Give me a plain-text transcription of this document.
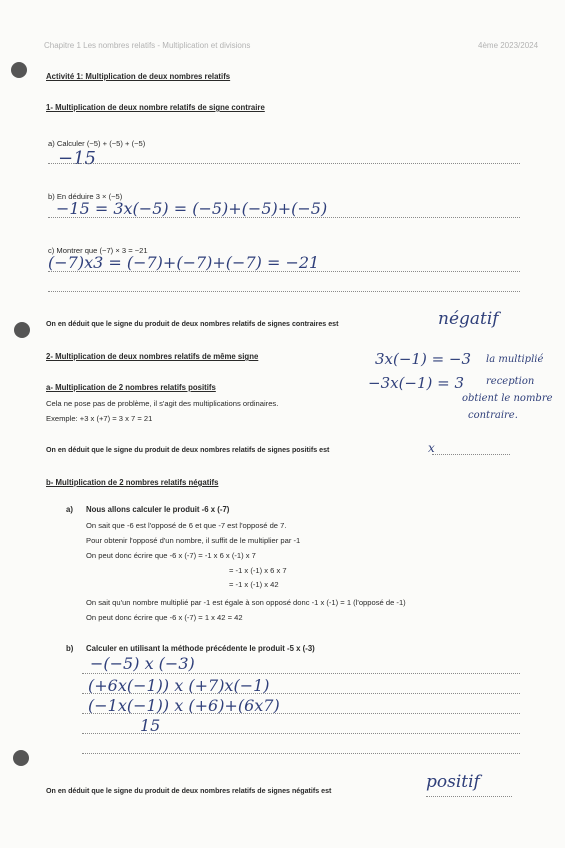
Chapitre 1 Les nombres relatifs - Multiplication et divisions	4ème 2023/2024
Activité 1: Multiplication de deux nombres relatifs
1- Multiplication de deux nombre relatifs de signe contraire
a) Calculer (−5) + (−5) + (−5)
−15
b) En déduire 3 × (−5)
−15 = 3x(−5) = (−5)+(−5)+(−5)
c) Montrer que (−7) × 3 = −21
(−7)x3 = (−7)+(−7)+(−7) = −21
On en déduit que le signe du produit de deux nombres relatifs de signes contraires est	négatif
3x(−1) = −3 la multiplié
−3x(−1) = 3 reception
obtient le nombre
contraire.
2- Multiplication de deux nombres relatifs de même signe
a- Multiplication de 2 nombres relatifs positifs
Cela ne pose pas de problème, il s'agit des multiplications ordinaires.
Exemple: +3 x (+7) = 3 x 7 = 21
On en déduit que le signe du produit de deux nombres relatifs de signes positifs est	x
b- Multiplication de 2 nombres relatifs négatifs
a) Nous allons calculer le produit -6 x (-7)
On sait que -6 est l'opposé de 6 et que -7 est l'opposé de 7.
Pour obtenir l'opposé d'un nombre, il suffit de le multiplier par -1
On peut donc écrire que -6 x (-7) = -1 x 6 x (-1) x 7
= -1 x (-1) x 6 x 7
= -1 x (-1) x 42
On sait qu'un nombre multiplié par -1 est égale à son opposé donc -1 x (-1) = 1 (l'opposé de -1)
On peut donc écrire que -6 x (-7) = 1 x 42 = 42
b) Calculer en utilisant la méthode précédente le produit -5 x (-3)
−(−5) x (−3)
(+6x(−1)) x (+7)x(−1)
(−1x(−1)) x (+6)+(6x7)
15
On en déduit que le signe du produit de deux nombres relatifs de signes négatifs est	positif
